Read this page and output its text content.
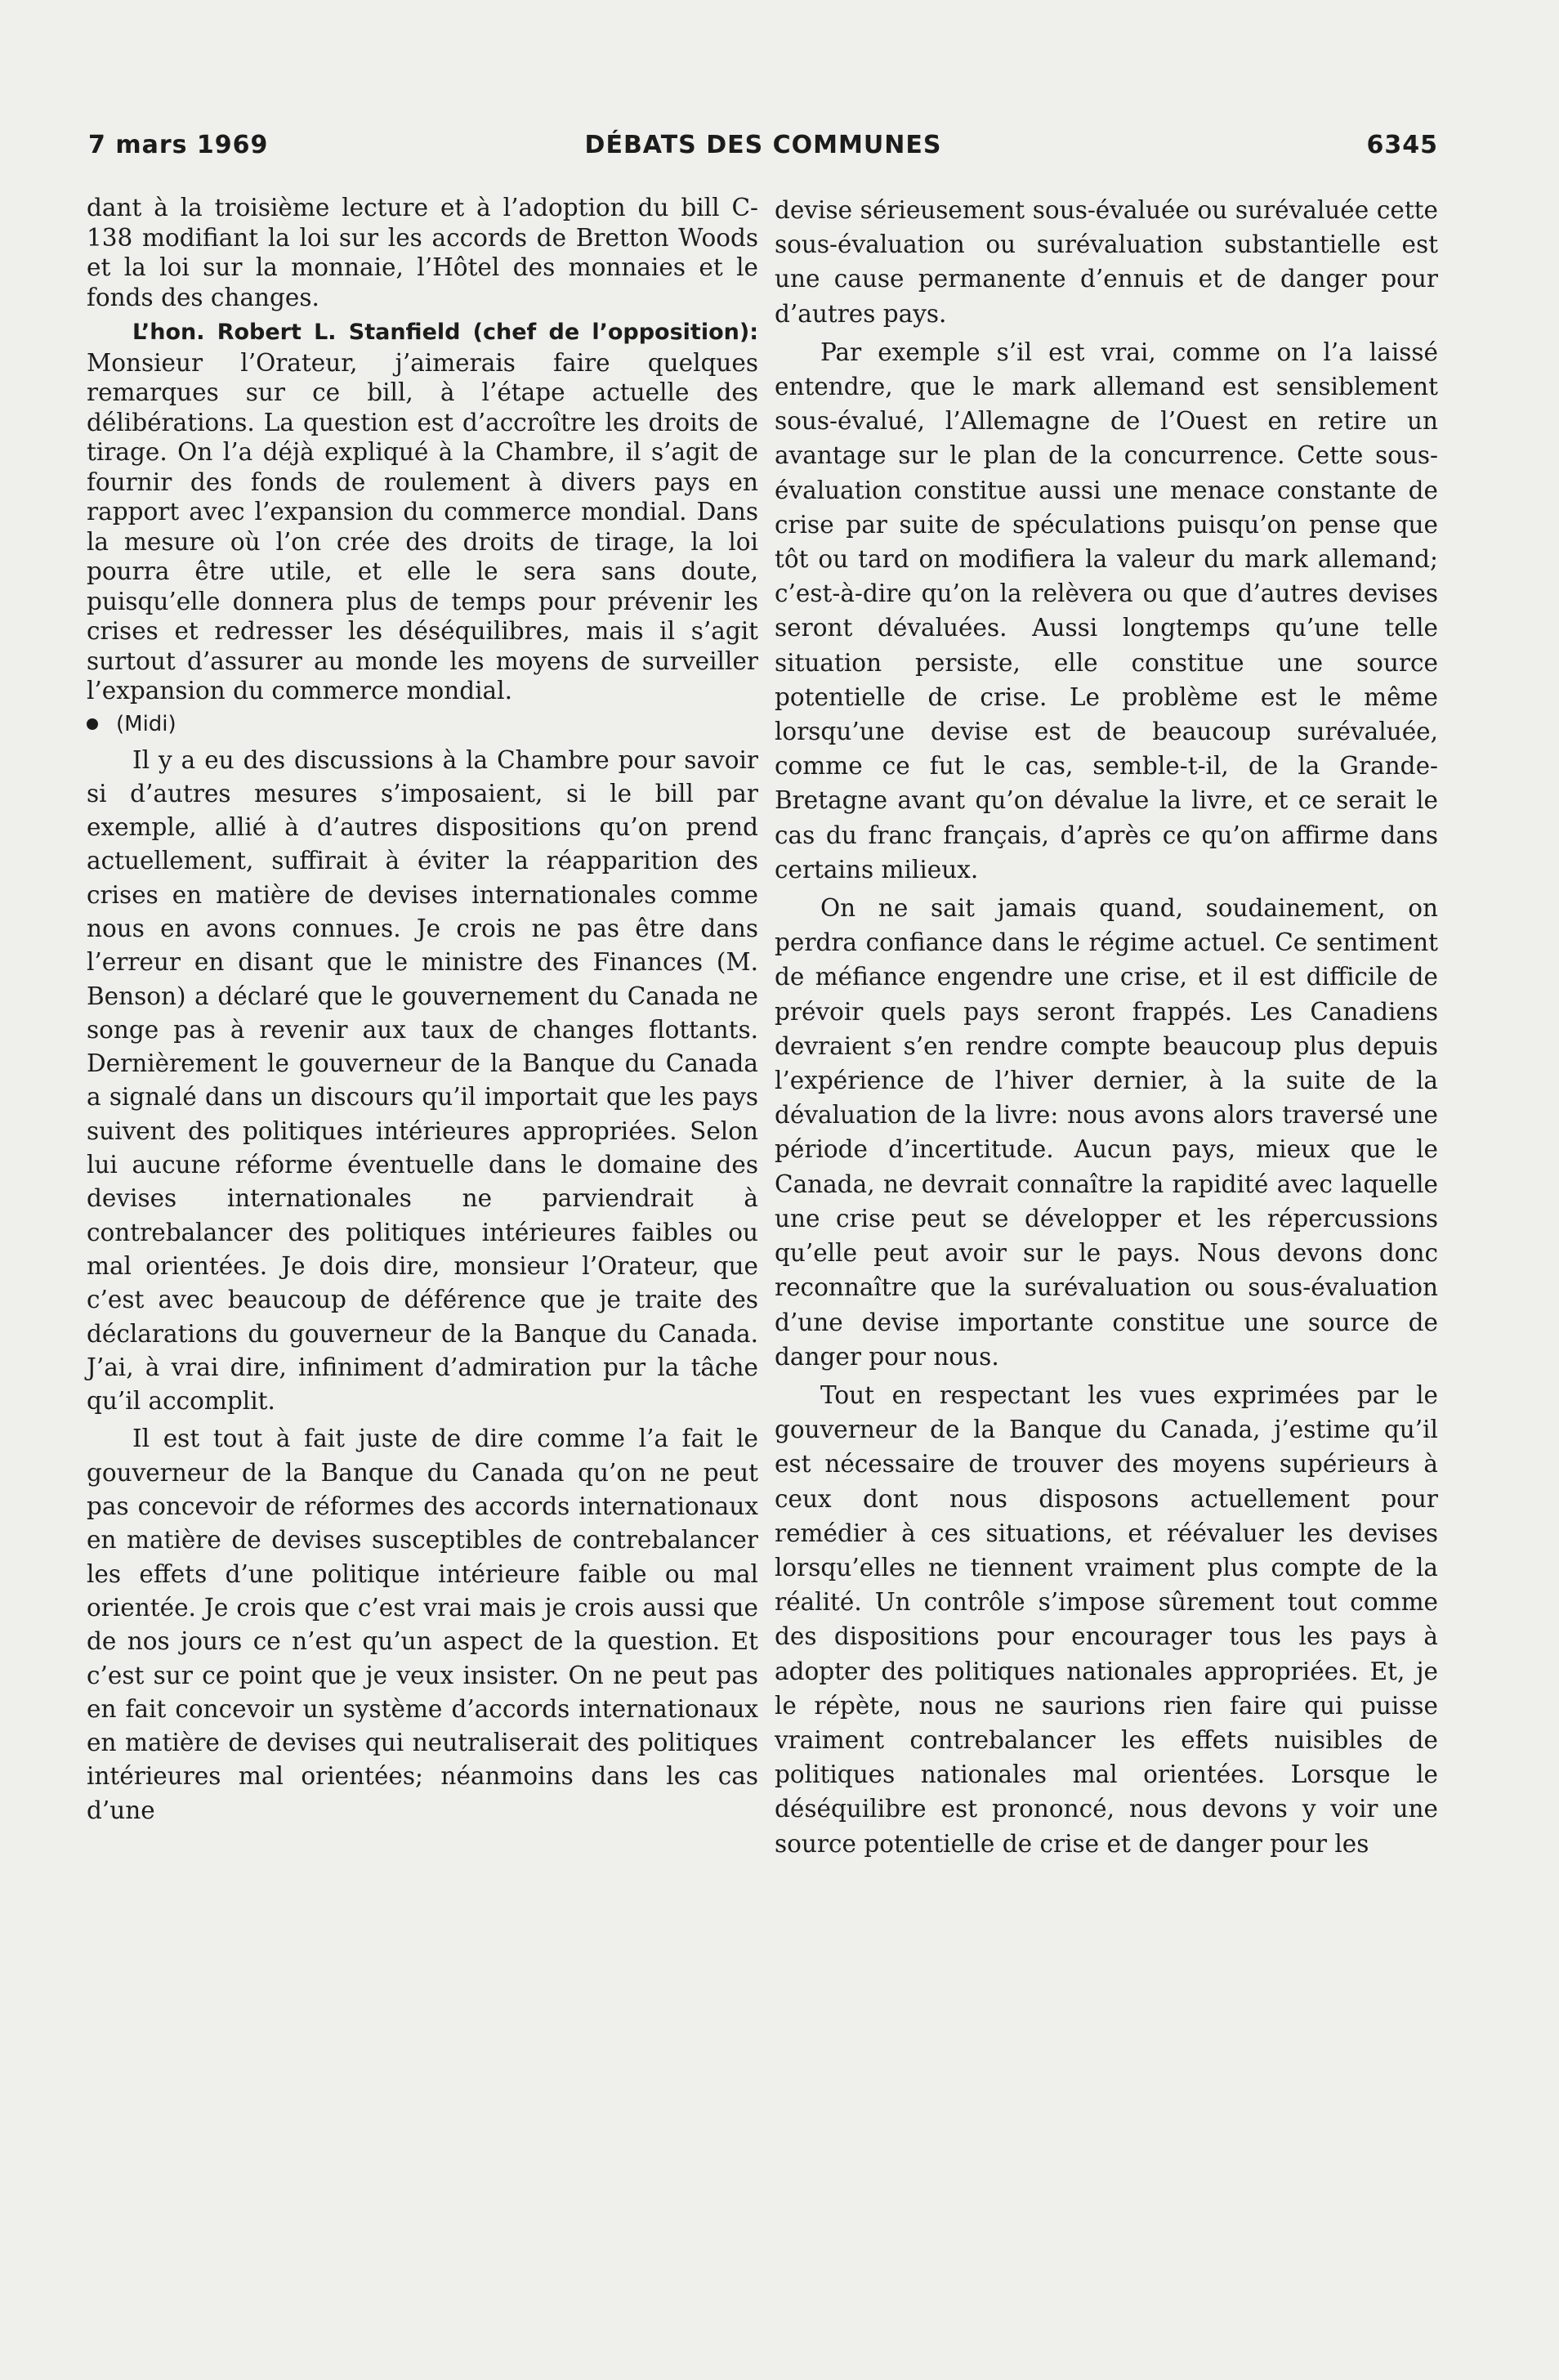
7 mars 1969	DÉBATS DES COMMUNES	6345

dant à la troisième lecture et à l’adoption du bill C-138 modifiant la loi sur les accords de Bretton Woods et la loi sur la monnaie, l’Hôtel des monnaies et le fonds des changes.

L’hon. Robert L. Stanfield (chef de l’opposition): Monsieur l’Orateur, j’aimerais faire quelques remarques sur ce bill, à l’étape actuelle des délibérations. La question est d’accroître les droits de tirage. On l’a déjà expliqué à la Chambre, il s’agit de fournir des fonds de roulement à divers pays en rapport avec l’expansion du commerce mondial. Dans la mesure où l’on crée des droits de tirage, la loi pourra être utile, et elle le sera sans doute, puisqu’elle donnera plus de temps pour prévenir les crises et redresser les déséquilibres, mais il s’agit surtout d’assurer au monde les moyens de surveiller l’expansion du commerce mondial.

(Midi)

Il y a eu des discussions à la Chambre pour savoir si d’autres mesures s’imposaient, si le bill par exemple, allié à d’autres dispositions qu’on prend actuellement, suffirait à éviter la réapparition des crises en matière de devises internationales comme nous en avons connues. Je crois ne pas être dans l’erreur en disant que le ministre des Finances (M. Benson) a déclaré que le gouvernement du Canada ne songe pas à revenir aux taux de changes flottants. Dernièrement le gouverneur de la Banque du Canada a signalé dans un discours qu’il importait que les pays suivent des politiques intérieures appropriées. Selon lui aucune réforme éventuelle dans le domaine des devises internationales ne parviendrait à contrebalancer des politiques intérieures faibles ou mal orientées. Je dois dire, monsieur l’Orateur, que c’est avec beaucoup de déférence que je traite des déclarations du gouverneur de la Banque du Canada. J’ai, à vrai dire, infiniment d’admiration pur la tâche qu’il accomplit.

Il est tout à fait juste de dire comme l’a fait le gouverneur de la Banque du Canada qu’on ne peut pas concevoir de réformes des accords internationaux en matière de devises susceptibles de contrebalancer les effets d’une politique intérieure faible ou mal orientée. Je crois que c’est vrai mais je crois aussi que de nos jours ce n’est qu’un aspect de la question. Et c’est sur ce point que je veux insister. On ne peut pas en fait concevoir un système d’accords internationaux en matière de devises qui neutraliserait des politiques intérieures mal orientées; néanmoins dans les cas d’une

devise sérieusement sous-évaluée ou surévaluée cette sous-évaluation ou surévaluation substantielle est une cause permanente d’ennuis et de danger pour d’autres pays.

Par exemple s’il est vrai, comme on l’a laissé entendre, que le mark allemand est sensiblement sous-évalué, l’Allemagne de l’Ouest en retire un avantage sur le plan de la concurrence. Cette sous-évaluation constitue aussi une menace constante de crise par suite de spéculations puisqu’on pense que tôt ou tard on modifiera la valeur du mark allemand; c’est-à-dire qu’on la relèvera ou que d’autres devises seront dévaluées. Aussi longtemps qu’une telle situation persiste, elle constitue une source potentielle de crise. Le problème est le même lorsqu’une devise est de beaucoup surévaluée, comme ce fut le cas, semble-t-il, de la Grande-Bretagne avant qu’on dévalue la livre, et ce serait le cas du franc français, d’après ce qu’on affirme dans certains milieux.

On ne sait jamais quand, soudainement, on perdra confiance dans le régime actuel. Ce sentiment de méfiance engendre une crise, et il est difficile de prévoir quels pays seront frappés. Les Canadiens devraient s’en rendre compte beaucoup plus depuis l’expérience de l’hiver dernier, à la suite de la dévaluation de la livre: nous avons alors traversé une période d’incertitude. Aucun pays, mieux que le Canada, ne devrait connaître la rapidité avec laquelle une crise peut se développer et les répercussions qu’elle peut avoir sur le pays. Nous devons donc reconnaître que la surévaluation ou sous-évaluation d’une devise importante constitue une source de danger pour nous.

Tout en respectant les vues exprimées par le gouverneur de la Banque du Canada, j’estime qu’il est nécessaire de trouver des moyens supérieurs à ceux dont nous disposons actuellement pour remédier à ces situations, et réévaluer les devises lorsqu’elles ne tiennent vraiment plus compte de la réalité. Un contrôle s’impose sûrement tout comme des dispositions pour encourager tous les pays à adopter des politiques nationales appropriées. Et, je le répète, nous ne saurions rien faire qui puisse vraiment contrebalancer les effets nuisibles de politiques nationales mal orientées. Lorsque le déséquilibre est prononcé, nous devons y voir une source potentielle de crise et de danger pour les
